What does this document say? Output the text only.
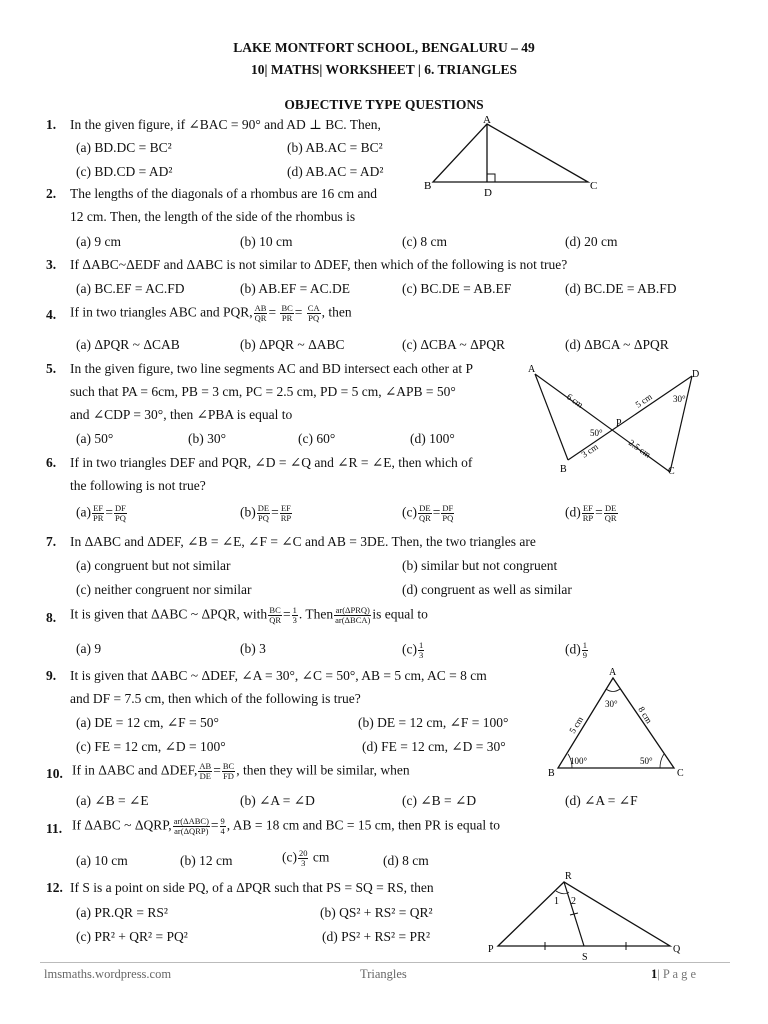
LAKE MONTFORT SCHOOL, BENGALURU – 49
10| MATHS| WORKSHEET | 6. TRIANGLES
OBJECTIVE TYPE QUESTIONS
1. In the given figure, if ∠BAC = 90° and AD ⊥ BC. Then,
(a) BD.DC = BC²	(b) AB.AC = BC²
(c) BD.CD = AD²	(d) AB.AC = AD²
A
B	C
D
2. The lengths of the diagonals of a rhombus are 16 cm and
12 cm. Then, the length of the side of the rhombus is
(a) 9 cm	(b) 10 cm	(c) 8 cm	(d) 20 cm
3. If ΔABC~ΔEDF and ΔABC is not similar to ΔDEF, then which of the following is not true?
(a) BC.EF = AC.FD	(b) AB.EF = AC.DE	(c) BC.DE = AB.EF	(d) BC.DE = AB.FD
4. If in two triangles ABC and PQR, $\frac{AB}{QR} = \frac{BC}{PR} = \frac{CA}{PQ}$ , then
(a) ΔPQR ~ ΔCAB	(b) ΔPQR ~ ΔABC	(c) ΔCBA ~ ΔPQR	(d) ΔBCA ~ ΔPQR
5. In the given figure, two line segments AC and BD intersect each other at P
such that PA = 6cm, PB = 3 cm, PC = 2.5 cm, PD = 5 cm, ∠APB = 50°
and ∠CDP = 30°, then ∠PBA is equal to
(a) 50°	(b) 30°	(c) 60°	(d) 100°
A
B	C
D
P
6 cm	5 cm
3 cm	2.5 cm
50°
30°
6. If in two triangles DEF and PQR, ∠D = ∠Q and ∠R = ∠E, then which of
the following is not true?
$(a) \frac{EF}{PR} = \frac{DF}{PQ}$	$(b) \frac{DE}{PQ} = \frac{EF}{RP}$	$(c) \frac{DE}{QR} = \frac{DF}{PQ}$	$(d) \frac{EF}{RP} = \frac{DE}{QR}$
7. In ΔABC and ΔDEF, ∠B = ∠E, ∠F = ∠C and AB = 3DE. Then, the two triangles are
(a) congruent but not similar	(b) similar but not congruent
(c) neither congruent nor similar	(d) congruent as well as similar
8. It is given that ΔABC ~ ΔPQR, with $\frac{BC}{QR} = \frac{1}{3}$ . Then ar(ΔPRQ)
ar(ΔBCA) is equal to
(a) 9	(b) 3	$(c) \frac{1}{3}$	$(d) \frac{1}{9}$
9. It is given that ΔABC ~ ΔDEF, ∠A = 30°, ∠C = 50°, AB = 5 cm, AC = 8 cm
and DF = 7.5 cm, then which of the following is true?
(a) DE = 12 cm, ∠F = 50°	(b) DE = 12 cm, ∠F = 100°
(c) FE = 12 cm, ∠D = 100°	(d) FE = 12 cm, ∠D = 30°
A
B	C
30°
5 cm	8 cm
100°	50°
10. If in ΔABC and ΔDEF, $\frac{AB}{DE} = \frac{BC}{FD}$ , then they will be similar, when
(a) ∠B = ∠E	(b) ∠A = ∠D	(c) ∠B = ∠D	(d) ∠A = ∠F
11. If ΔABC ~ ΔQRP, ar(ΔABC)
$ar(\Delta QRP) = \frac{9}{4}$ , AB = 18 cm and BC = 15 cm, then PR is equal to
(a) 10 cm	(b) 12 cm	$(c) \frac{20}{3}$ cm	(d) 8 cm
12. If S is a point on side PQ, of a ΔPQR such that PS = SQ = RS, then
(a) PR.QR = RS²	(b) QS² + RS² = QR²
(c) PR² + QR² = PQ²	(d) PS² + RS² = PR²
R
P	Q
S
1 2
lmsmaths.wordpress.com	Triangles	1| P a g e
